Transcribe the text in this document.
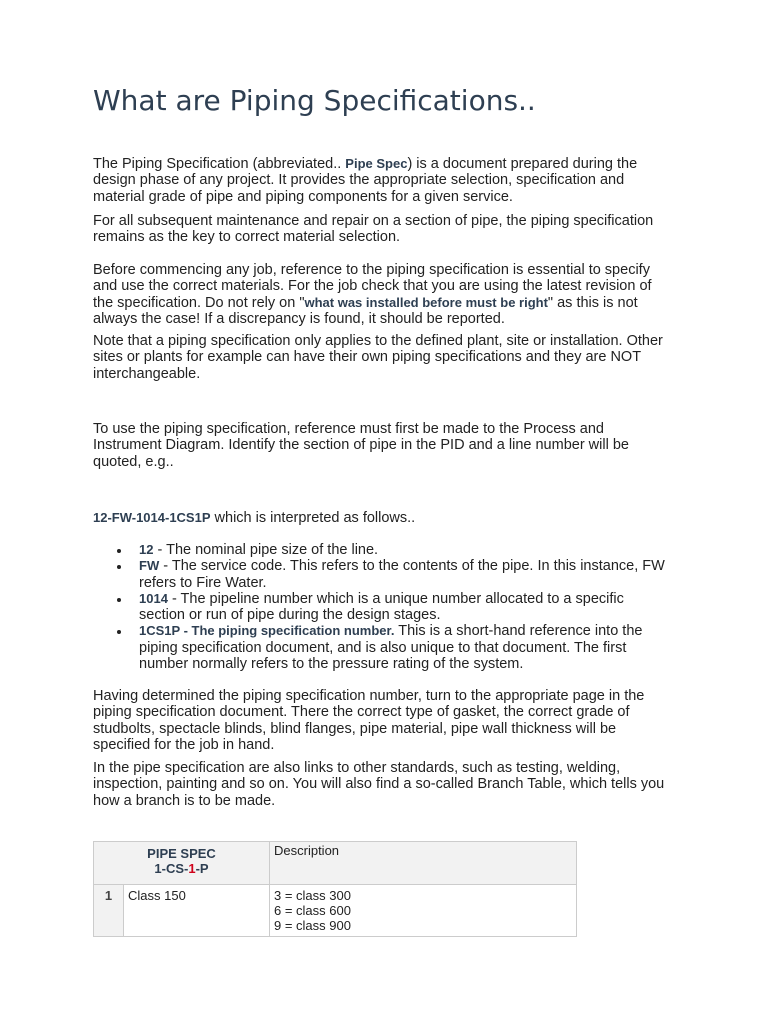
What are Piping Specifications..

The Piping Specification (abbreviated.. Pipe Spec) is a document prepared during the design phase of any project. It provides the appropriate selection, specification and material grade of pipe and piping components for a given service.

For all subsequent maintenance and repair on a section of pipe, the piping specification remains as the key to correct material selection.

Before commencing any job, reference to the piping specification is essential to specify and use the correct materials. For the job check that you are using the latest revision of the specification. Do not rely on "what was installed before must be right" as this is not always the case! If a discrepancy is found, it should be reported.

Note that a piping specification only applies to the defined plant, site or installation. Other sites or plants for example can have their own piping specifications and they are NOT interchangeable.

To use the piping specification, reference must first be made to the Process and Instrument Diagram. Identify the section of pipe in the PID and a line number will be quoted, e.g..

12-FW-1014-1CS1P which is interpreted as follows..

12 - The nominal pipe size of the line.
FW - The service code. This refers to the contents of the pipe. In this instance, FW refers to Fire Water.
1014 - The pipeline number which is a unique number allocated to a specific section or run of pipe during the design stages.
1CS1P - The piping specification number. This is a short-hand reference into the piping specification document, and is also unique to that document. The first number normally refers to the pressure rating of the system.

Having determined the piping specification number, turn to the appropriate page in the piping specification document. There the correct type of gasket, the correct grade of studbolts, spectacle blinds, blind flanges, pipe material, pipe wall thickness will be specified for the job in hand.

In the pipe specification are also links to other standards, such as testing, welding, inspection, painting and so on. You will also find a so-called Branch Table, which tells you how a branch is to be made.

PIPE SPEC
1-CS-1-P		Description
1	Class 150	3 = class 300
6 = class 600
9 = class 900
